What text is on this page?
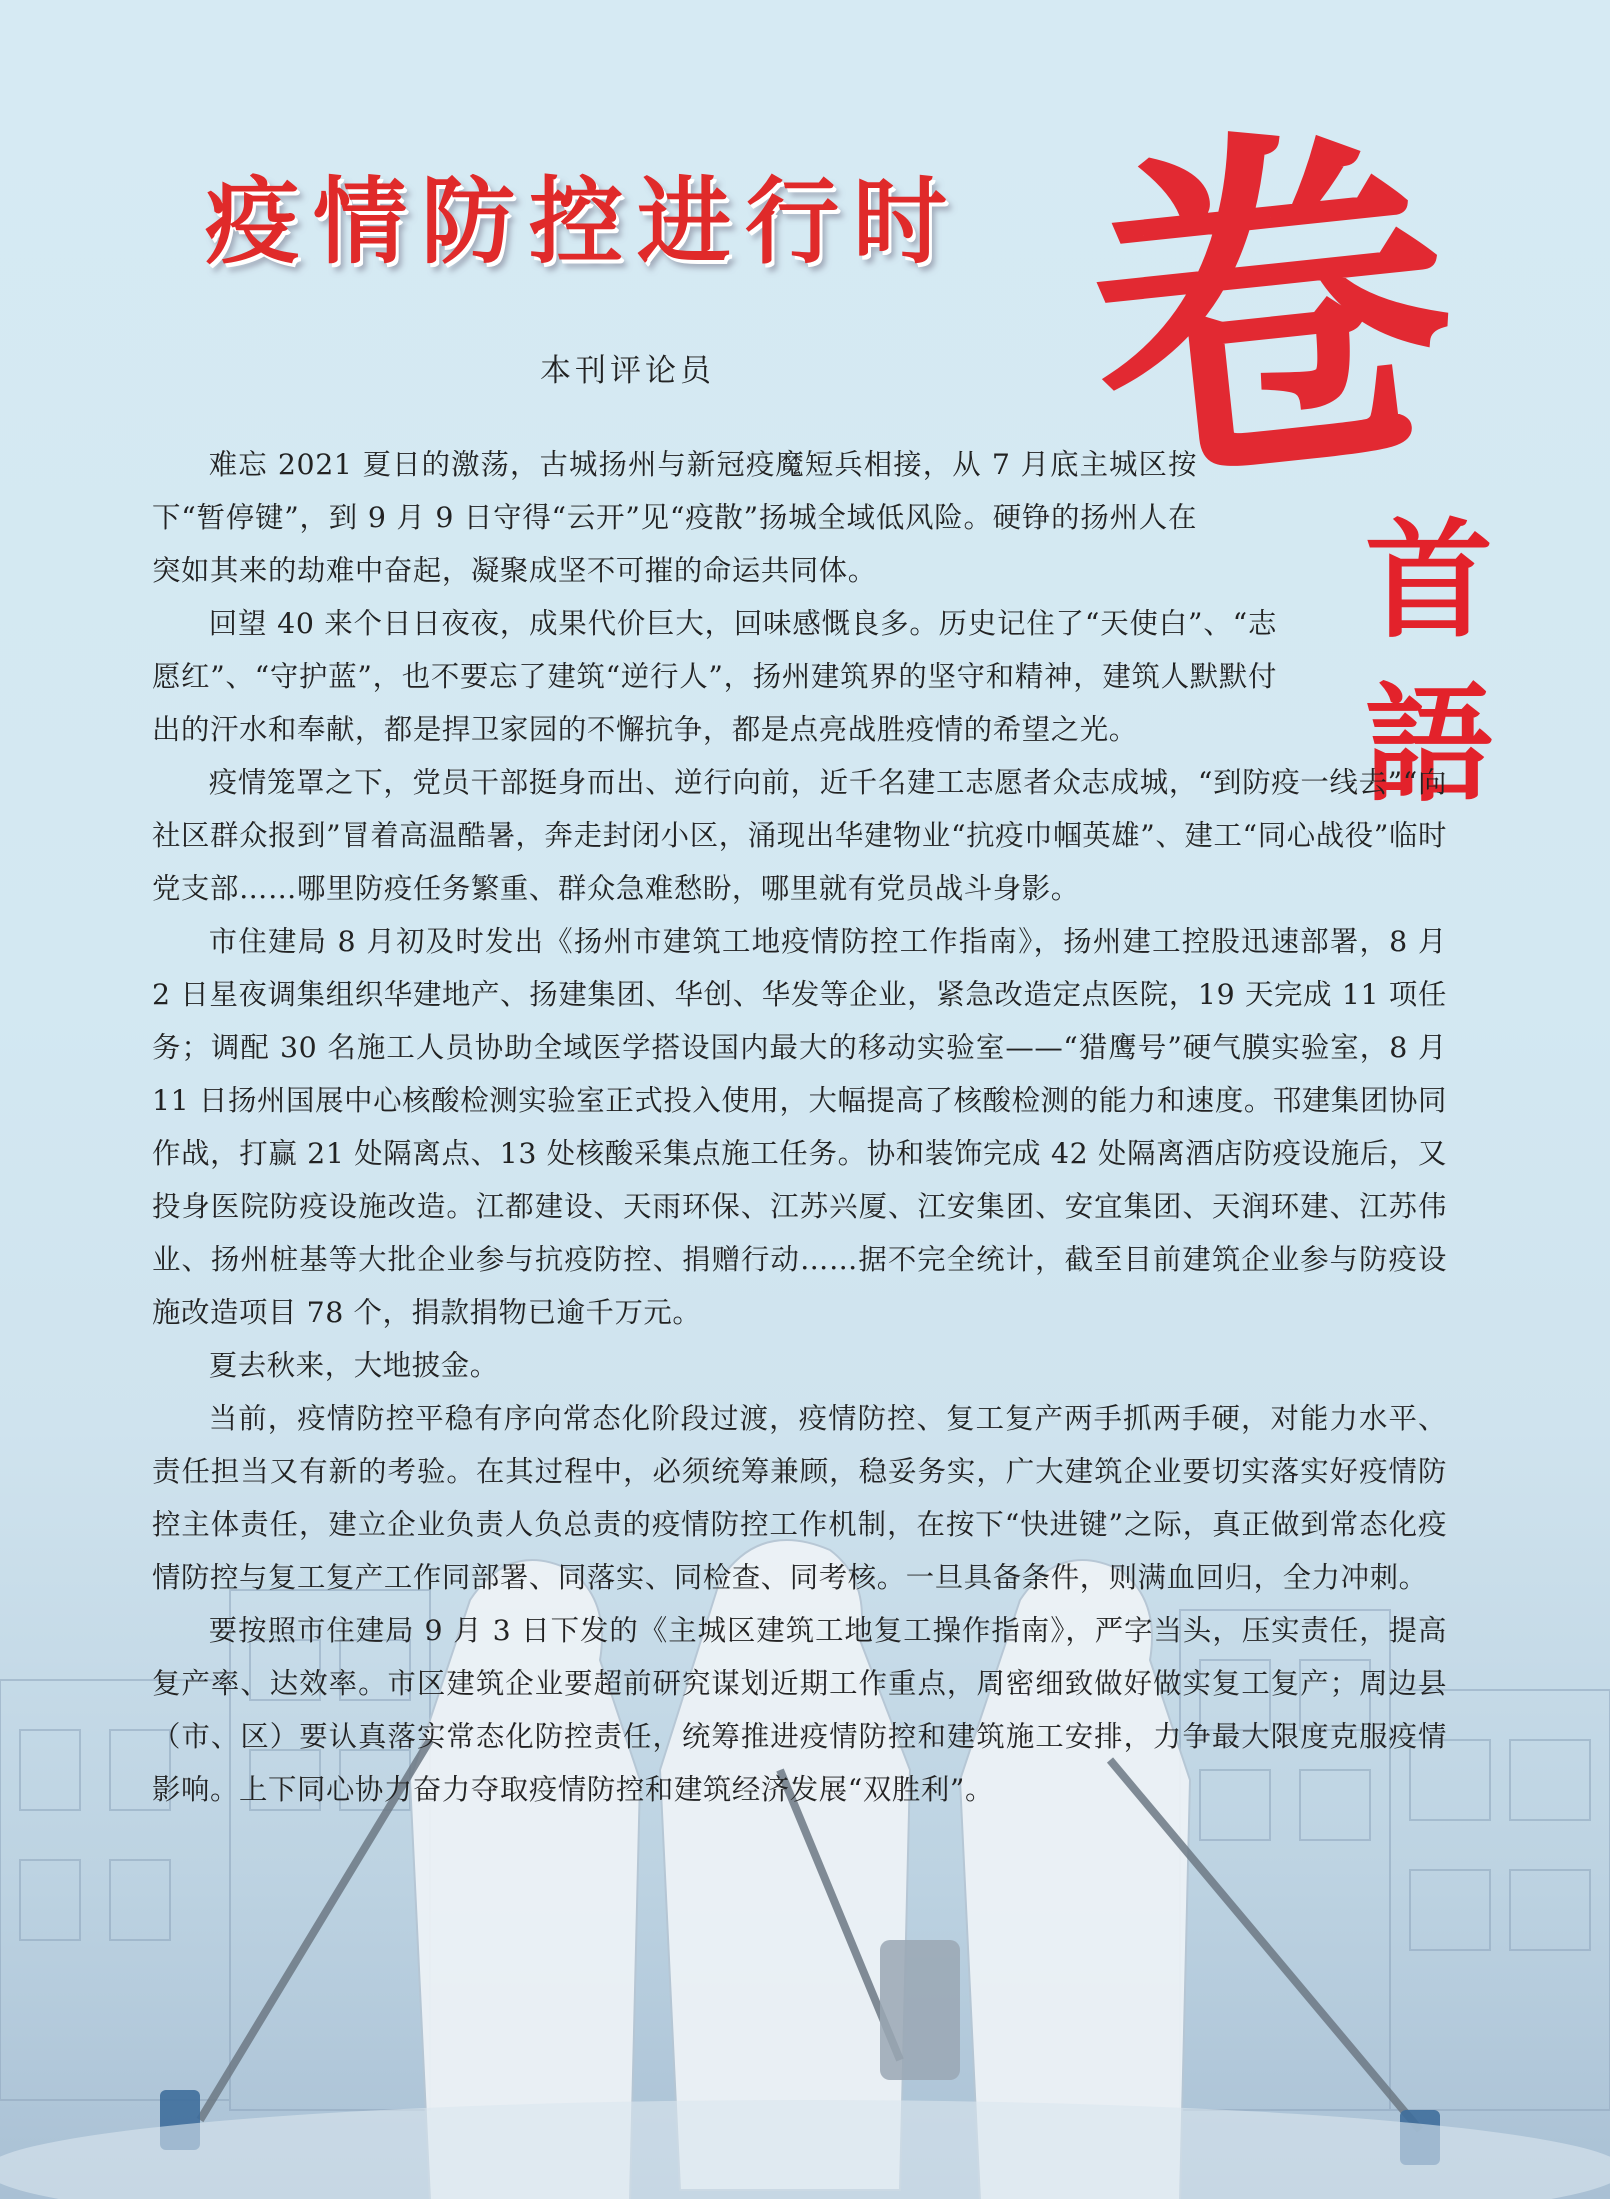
疫情防控进行时
本刊评论员 卷
首語

难忘 2021 夏日的激荡，古城扬州与新冠疫魔短兵相接，从 7 月底主城区按下“暂停键”，到 9 月 9 日守得“云开”见“疫散”扬城全域低风险。硬铮的扬州人在突如其来的劫难中奋起，凝聚成坚不可摧的命运共同体。

回望 40 来个日日夜夜，成果代价巨大，回味感慨良多。历史记住了“天使白”、“志愿红”、“守护蓝”，也不要忘了建筑“逆行人”，扬州建筑界的坚守和精神，建筑人默默付出的汗水和奉献，都是捍卫家园的不懈抗争，都是点亮战胜疫情的希望之光。

疫情笼罩之下，党员干部挺身而出、逆行向前，近千名建工志愿者众志成城，“到防疫一线去”“向社区群众报到”冒着高温酷暑，奔走封闭小区，涌现出华建物业“抗疫巾帼英雄”、建工“同心战役”临时党支部……哪里防疫任务繁重、群众急难愁盼，哪里就有党员战斗身影。

市住建局 8 月初及时发出《扬州市建筑工地疫情防控工作指南》，扬州建工控股迅速部署，8 月 2 日星夜调集组织华建地产、扬建集团、华创、华发等企业，紧急改造定点医院，19 天完成 11 项任务；调配 30 名施工人员协助全域医学搭设国内最大的移动实验室——“猎鹰号”硬气膜实验室，8 月 11 日扬州国展中心核酸检测实验室正式投入使用，大幅提高了核酸检测的能力和速度。邗建集团协同作战，打赢 21 处隔离点、13 处核酸采集点施工任务。协和装饰完成 42 处隔离酒店防疫设施后，又投身医院防疫设施改造。江都建设、天雨环保、江苏兴厦、江安集团、安宜集团、天润环建、江苏伟业、扬州桩基等大批企业参与抗疫防控、捐赠行动……据不完全统计，截至目前建筑企业参与防疫设施改造项目 78 个，捐款捐物已逾千万元。

夏去秋来，大地披金。

当前，疫情防控平稳有序向常态化阶段过渡，疫情防控、复工复产两手抓两手硬，对能力水平、责任担当又有新的考验。在其过程中，必须统筹兼顾，稳妥务实，广大建筑企业要切实落实好疫情防控主体责任，建立企业负责人负总责的疫情防控工作机制，在按下“快进键”之际，真正做到常态化疫情防控与复工复产工作同部署、同落实、同检查、同考核。一旦具备条件，则满血回归，全力冲刺。

要按照市住建局 9 月 3 日下发的《主城区建筑工地复工操作指南》，严字当头，压实责任，提高复产率、达效率。市区建筑企业要超前研究谋划近期工作重点，周密细致做好做实复工复产；周边县（市、区）要认真落实常态化防控责任，统筹推进疫情防控和建筑施工安排，力争最大限度克服疫情影响。上下同心协力奋力夺取疫情防控和建筑经济发展“双胜利”。
